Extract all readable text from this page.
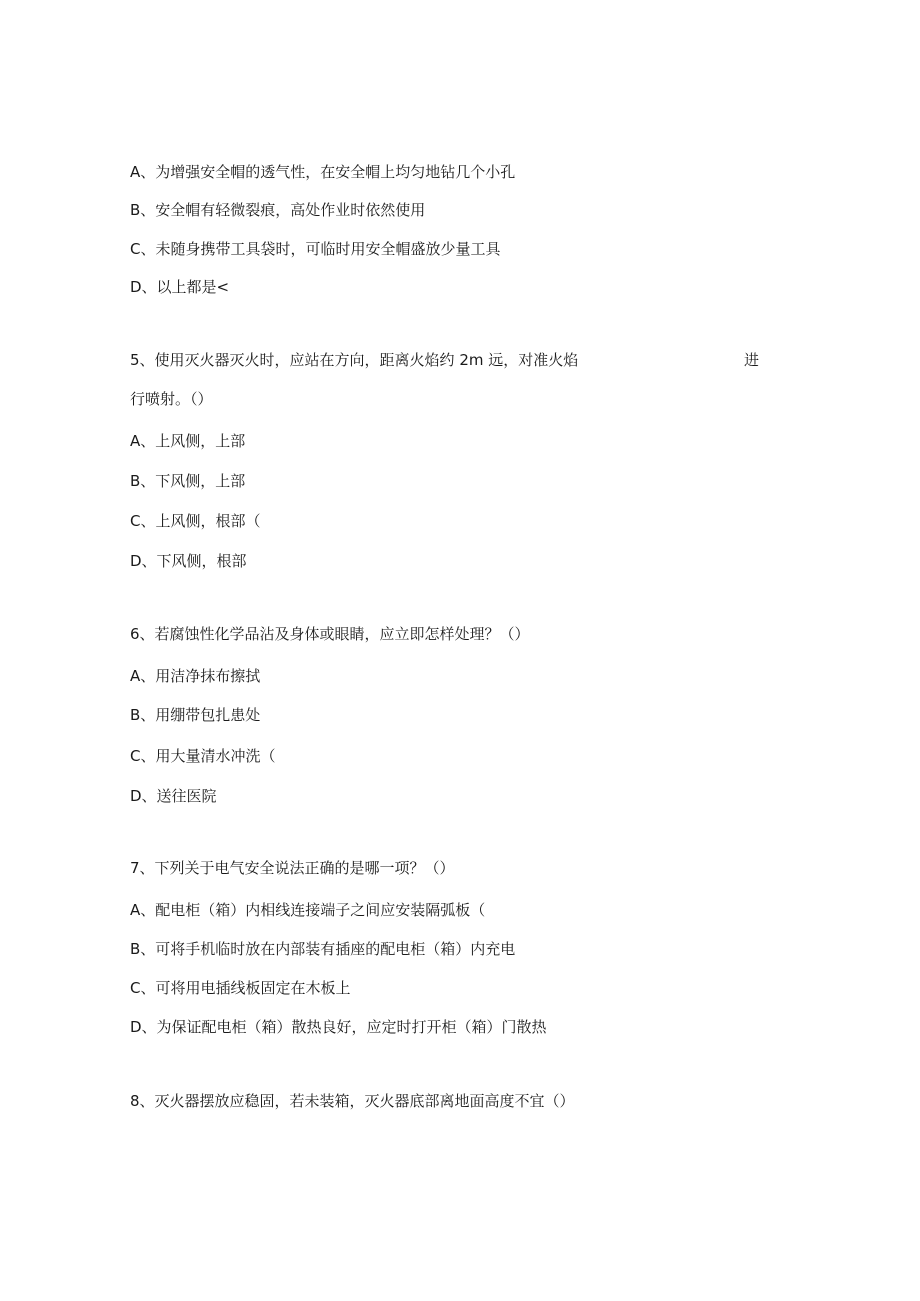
A、为增强安全帽的透气性，在安全帽上均匀地钻几个小孔
B、安全帽有轻微裂痕，高处作业时依然使用
C、未随身携带工具袋时，可临时用安全帽盛放少量工具
D、以上都是<
5、使用灭火器灭火时，应站在方向，距离火焰约 2m 远，对准火焰	进
行喷射。（）
A、上风侧，上部
B、下风侧，上部
C、上风侧，根部（
D、下风侧，根部
6、若腐蚀性化学品沾及身体或眼睛，应立即怎样处理？（）
A、用洁净抹布擦拭
B、用绷带包扎患处
C、用大量清水冲洗（
D、送往医院
7、下列关于电气安全说法正确的是哪一项？（）
A、配电柜（箱）内相线连接端子之间应安装隔弧板（
B、可将手机临时放在内部装有插座的配电柜（箱）内充电
C、可将用电插线板固定在木板上
D、为保证配电柜（箱）散热良好，应定时打开柜（箱）门散热
8、灭火器摆放应稳固，若未装箱，灭火器底部离地面高度不宜（）
